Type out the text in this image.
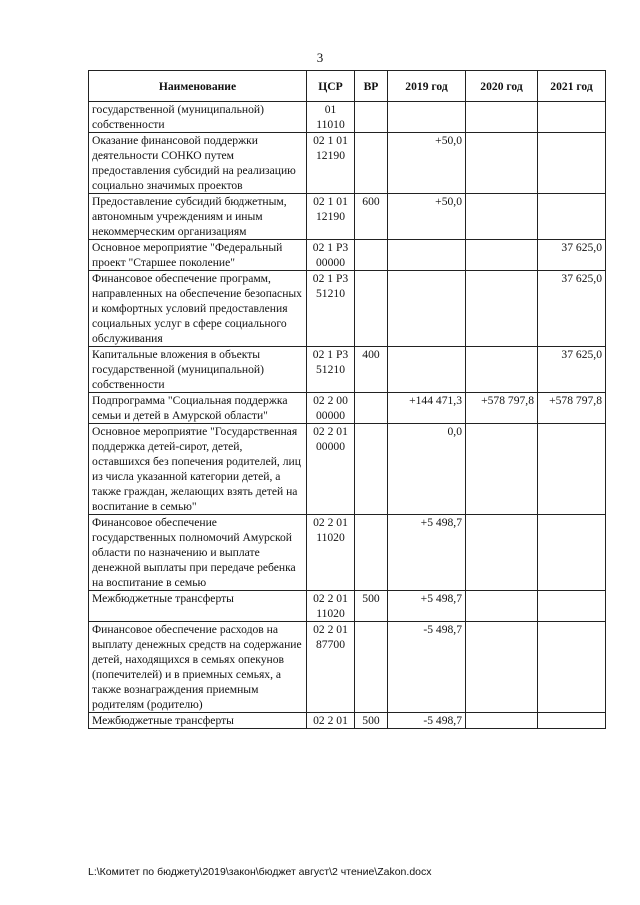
3
Наименование	ЦСР	ВР	2019 год	2020 год	2021 год
государственной (муниципальной) собственности	01 11010				
Оказание финансовой поддержки деятельности СОНКО путем предоставления субсидий на реализацию социально значимых проектов	02 1 01 12190		+50,0		
Предоставление субсидий бюджетным, автономным учреждениям и иным некоммерческим организациям	02 1 01 12190	600	+50,0		
Основное мероприятие "Федеральный проект "Старшее поколение"	02 1 P3 00000				37 625,0
Финансовое обеспечение программ, направленных на обеспечение безопасных и комфортных условий предоставления социальных услуг в сфере социального обслуживания	02 1 P3 51210				37 625,0
Капитальные вложения в объекты государственной (муниципальной) собственности	02 1 P3 51210	400			37 625,0
Подпрограмма "Социальная поддержка семьи и детей в Амурской области"	02 2 00 00000		+144 471,3	+578 797,8	+578 797,8
Основное мероприятие "Государственная поддержка детей-сирот, детей, оставшихся без попечения родителей, лиц из числа указанной категории детей, а также граждан, желающих взять детей на воспитание в семью"	02 2 01 00000		0,0		
Финансовое обеспечение государственных полномочий Амурской области по назначению и выплате денежной выплаты при передаче ребенка на воспитание в семью	02 2 01 11020		+5 498,7		
Межбюджетные трансферты	02 2 01 11020	500	+5 498,7		
Финансовое обеспечение расходов на выплату денежных средств на содержание детей, находящихся в семьях опекунов (попечителей) и в приемных семьях, а также вознаграждения приемным родителям (родителю)	02 2 01 87700		-5 498,7		
Межбюджетные трансферты	02 2 01	500	-5 498,7		
L:\Комитет по бюджету\2019\закон\бюджет август\2 чтение\Zakon.docx
